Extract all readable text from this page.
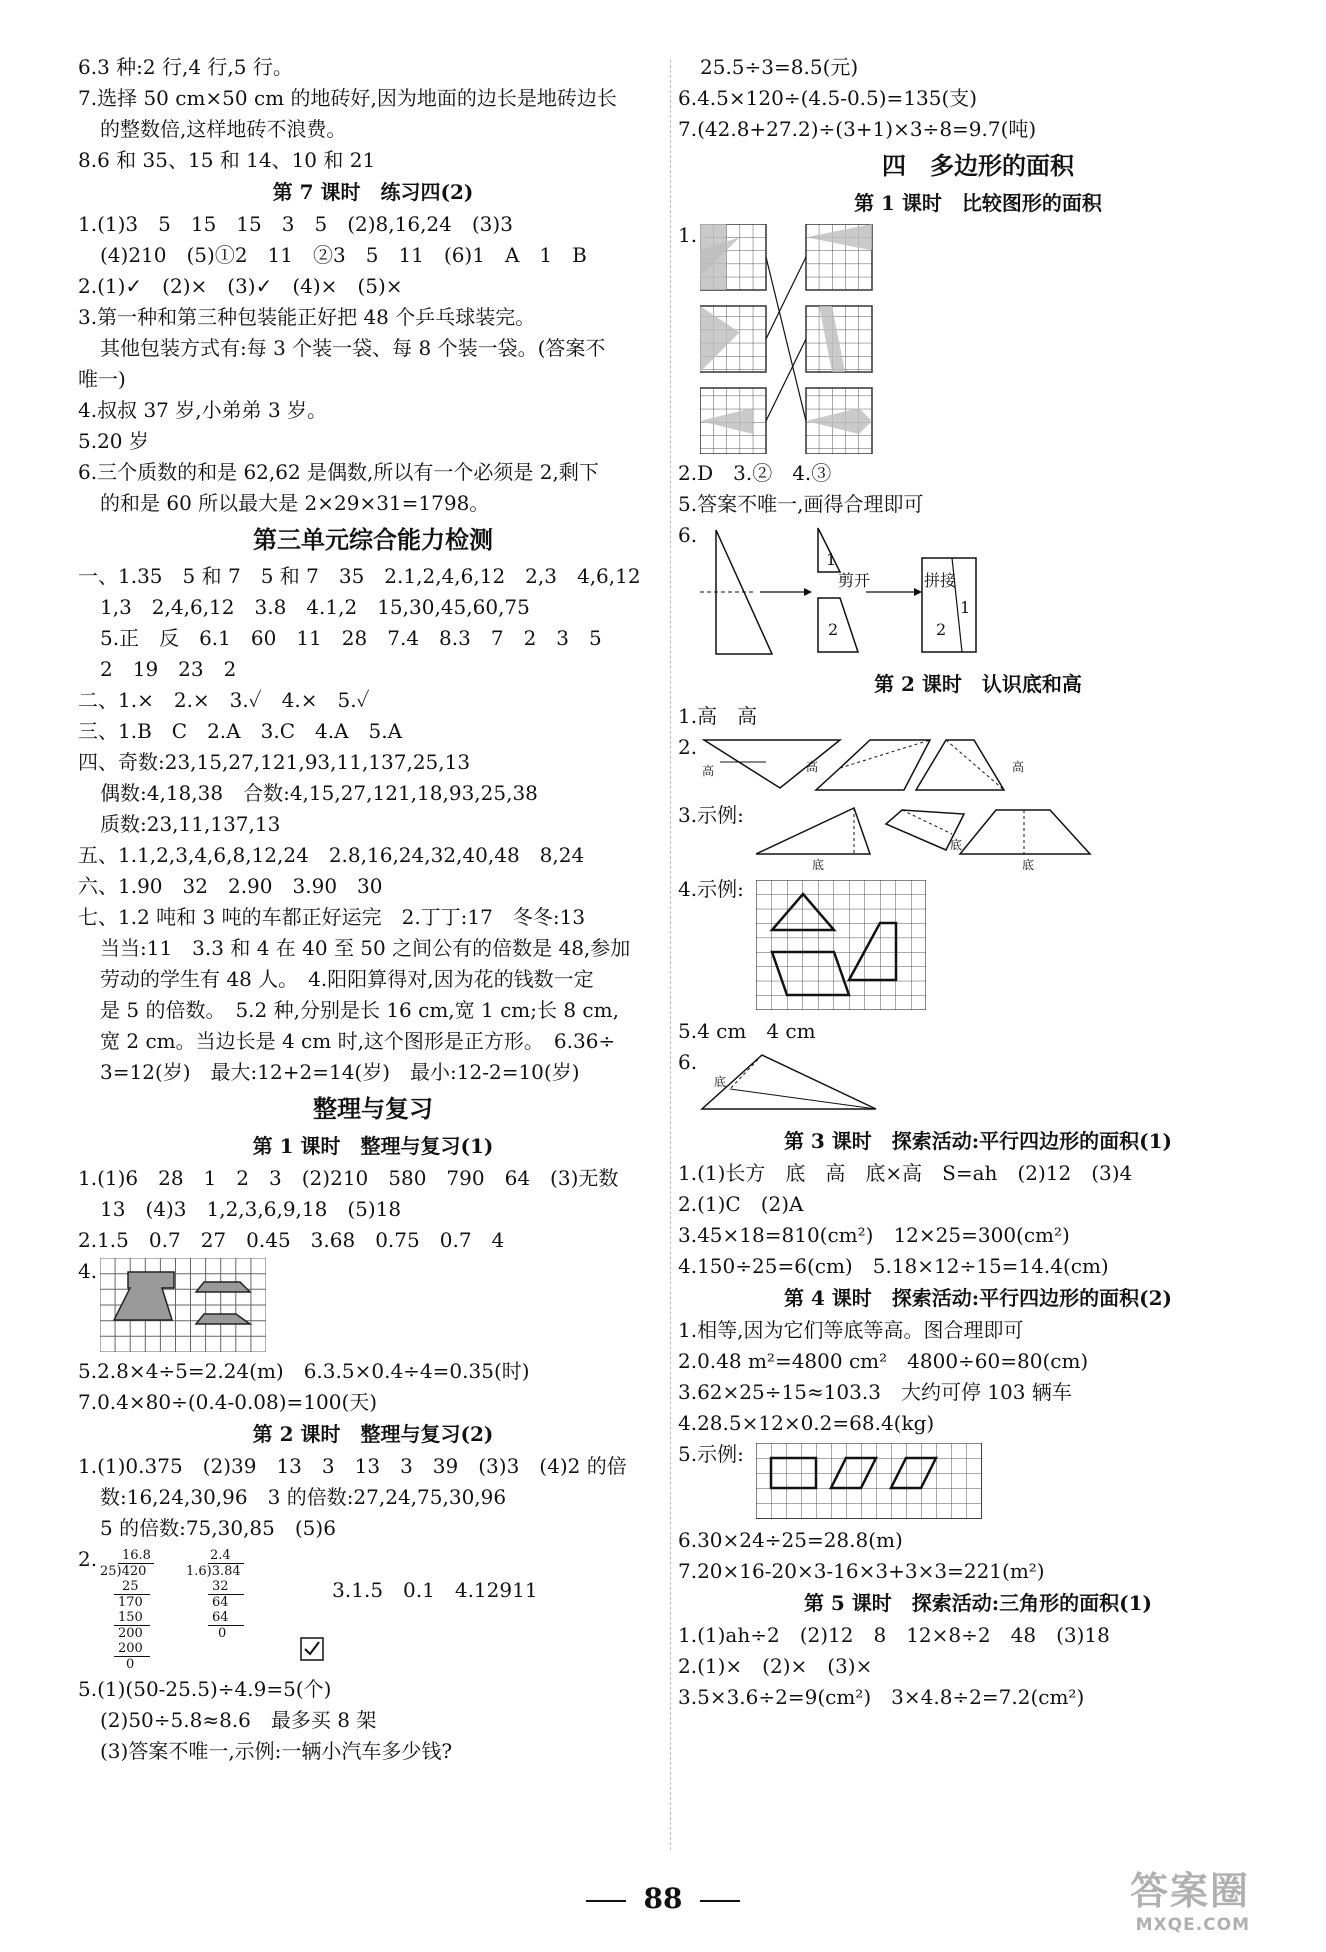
6.3 种:2 行,4 行,5 行。
7.选择 50 cm×50 cm 的地砖好,因为地面的边长是地砖边长
的整数倍,这样地砖不浪费。
8.6 和 35、15 和 14、10 和 21
第 7 课时　练习四(2)
1.(1)3　5　15　15　3　5　(2)8,16,24　(3)3
(4)210　(5)①2　11　②3　5　11　(6)1　A　1　B
2.(1)✓　(2)×　(3)✓　(4)×　(5)×
3.第一种和第三种包装能正好把 48 个乒乓球装完。
其他包装方式有:每 3 个装一袋、每 8 个装一袋。(答案不
唯一)
4.叔叔 37 岁,小弟弟 3 岁。
5.20 岁
6.三个质数的和是 62,62 是偶数,所以有一个必须是 2,剩下
的和是 60 所以最大是 2×29×31=1798。
第三单元综合能力检测
一、1.35　5 和 7　5 和 7　35　2.1,2,4,6,12　2,3　4,6,12
1,3　2,4,6,12　3.8　4.1,2　15,30,45,60,75
5.正　反　6.1　60　11　28　7.4　8.3　7　2　3　5
2　19　23　2
二、1.×　2.×　3.✓　4.×　5.✓
三、1.B　C　2.A　3.C　4.A　5.A
四、奇数:23,15,27,121,93,11,137,25,13
偶数:4,18,38　合数:4,15,27,121,18,93,25,38
质数:23,11,137,13
五、1.1,2,3,4,6,8,12,24　2.8,16,24,32,40,48　8,24
六、1.90　32　2.90　3.90　30
七、1.2 吨和 3 吨的车都正好运完　2.丁丁:17　冬冬:13
当当:11　3.3 和 4 在 40 至 50 之间公有的倍数是 48,参加
劳动的学生有 48 人。　4.阳阳算得对,因为花的钱数一定
是 5 的倍数。　5.2 种,分别是长 16 cm,宽 1 cm;长 8 cm,
宽 2 cm。当边长是 4 cm 时,这个图形是正方形。　6.36÷
3=12(岁)　最大:12+2=14(岁)　最小:12-2=10(岁)
整理与复习
第 1 课时　整理与复习(1)
1.(1)6　28　1　2　3　(2)210　580　790　64　(3)无数
13　(4)3　1,2,3,6,9,18　(5)18
2.1.5　0.7　27　0.45　3.68　0.75　0.7　4
4.
5.2.8×4÷5=2.24(m)　6.3.5×0.4÷4=0.35(时)
7.0.4×80÷(0.4-0.08)=100(天)
第 2 课时　整理与复习(2)
1.(1)0.375　(2)39　13　3　13　3　39　(3)3　(4)2 的倍
数:16,24,30,96　3 的倍数:27,24,75,30,96
5 的倍数:75,30,85　(5)6
2.	16.8
25)420
25
170
150
200
200
0
2.4
1.6)3.84
32
64
64
0

3.1.5　0.1　4.12911

5.(1)(50-25.5)÷4.9=5(个)
(2)50÷5.8≈8.6　最多买 8 架
(3)答案不唯一,示例:一辆小汽车多少钱?
25.5÷3=8.5(元)
6.4.5×120÷(4.5-0.5)=135(支)
7.(42.8+27.2)÷(3+1)×3÷8=9.7(吨)
四　多边形的面积
第 1 课时　比较图形的面积
1.
2.D　3.②　4.③
5.答案不唯一,画得合理即可
6.
剪开	拼接
1
2
1
2
第 2 课时　认识底和高
1.高　高
2.
高	高	高
3.示例:
底
底
底
4.示例:
5.4 cm　4 cm
6.
底
第 3 课时　探索活动:平行四边形的面积(1)
1.(1)长方　底　高　底×高　S=ah　(2)12　(3)4
2.(1)C　(2)A
3.45×18=810(cm²)　12×25=300(cm²)
4.150÷25=6(cm)　5.18×12÷15=14.4(cm)
第 4 课时　探索活动:平行四边形的面积(2)
1.相等,因为它们等底等高。图合理即可
2.0.48 m²=4800 cm²　4800÷60=80(cm)
3.62×25÷15≈103.3　大约可停 103 辆车
4.28.5×12×0.2=68.4(kg)
5.示例:
6.30×24÷25=28.8(m)
7.20×16-20×3-16×3+3×3=221(m²)
第 5 课时　探索活动:三角形的面积(1)
1.(1)ah÷2　(2)12　8　12×8÷2　48　(3)18
2.(1)×　(2)×　(3)×
3.5×3.6÷2=9(cm²)　3×4.8÷2=7.2(cm²)
88	答案圈
MXQE.COM
